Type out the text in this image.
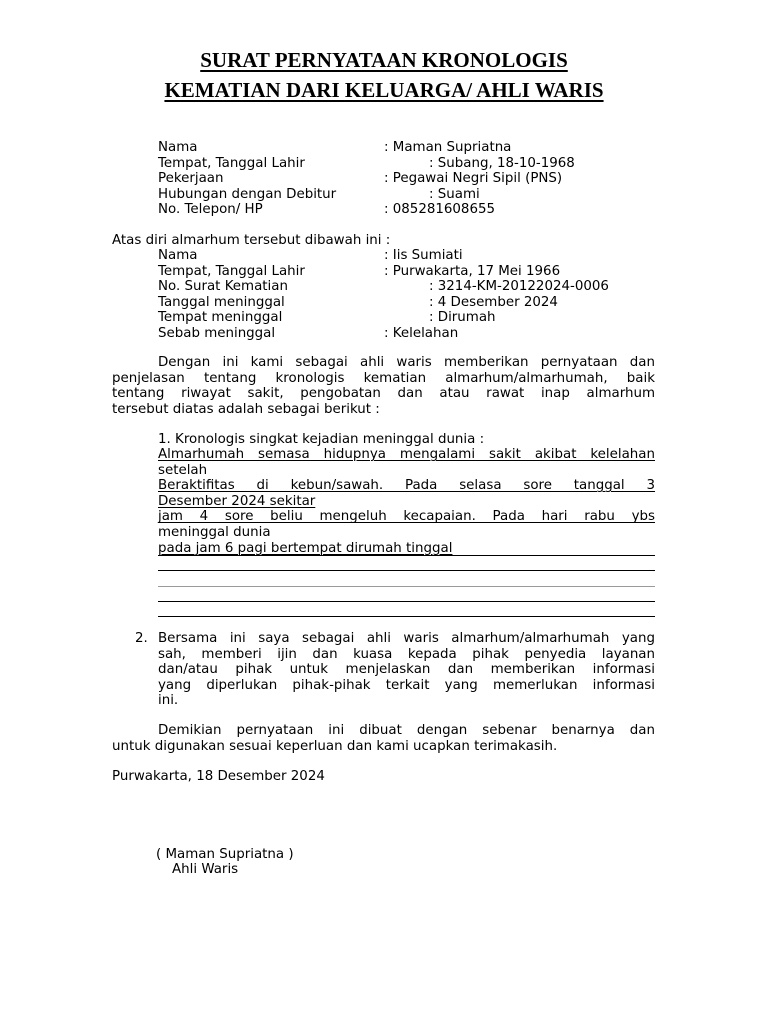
SURAT PERNYATAAN KRONOLOGIS
KEMATIAN DARI KELUARGA/ AHLI WARIS
Nama	: Maman Supriatna
Tempat, Tanggal Lahir	: Subang, 18-10-1968
Pekerjaan	: Pegawai Negri Sipil (PNS)
Hubungan dengan Debitur	: Suami
No. Telepon/ HP	: 085281608655
Atas diri almarhum tersebut dibawah ini :
Nama	: Iis Sumiati
Tempat, Tanggal Lahir	: Purwakarta, 17 Mei 1966
No. Surat Kematian	: 3214-KM-20122024-0006
Tanggal meninggal	: 4 Desember 2024
Tempat meninggal	: Dirumah
Sebab meninggal	: Kelelahan
Dengan ini kami sebagai ahli waris memberikan pernyataan dan
penjelasan tentang kronologis kematian almarhum/almarhumah, baik
tentang riwayat sakit, pengobatan dan atau rawat inap almarhum
tersebut diatas adalah sebagai berikut :
1. Kronologis singkat kejadian meninggal dunia :
Almarhumah semasa hidupnya mengalami sakit akibat kelelahan
setelah
Beraktifitas di kebun/sawah. Pada selasa sore tanggal 3
Desember 2024 sekitar
jam 4 sore beliu mengeluh kecapaian. Pada hari rabu ybs
meninggal dunia
pada jam 6 pagi bertempat dirumah tinggal
2. Bersama ini saya sebagai ahli waris almarhum/almarhumah yang
sah, memberi ijin dan kuasa kepada pihak penyedia layanan
dan/atau pihak untuk menjelaskan dan memberikan informasi
yang diperlukan pihak-pihak terkait yang memerlukan informasi
ini.
Demikian pernyataan ini dibuat dengan sebenar benarnya dan
untuk digunakan sesuai keperluan dan kami ucapkan terimakasih.
Purwakarta, 18 Desember 2024
( Maman Supriatna )
Ahli Waris
